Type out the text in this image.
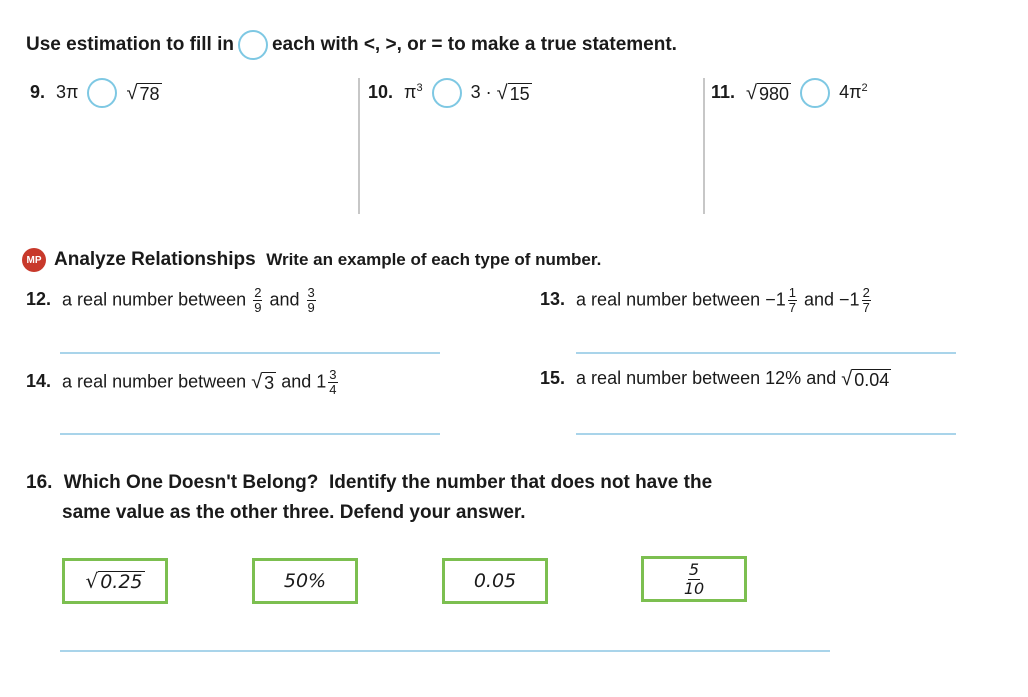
Use estimation to fill in each with <, >, or = to make a true statement.
9. 3π √ 78	10. $\pi^3$	3 · √ 15	11. √ 980	$4\pi^2$
MP Analyze Relationships Write an example of each type of number.
12. a real number between $\frac{2}{9}$ and $\frac{3}{9}$	13. a real number between $-1 \frac{1}{7}$ and $-1 \frac{2}{7}$
14. a real number between √ 3 and $1 \frac{3}{4}$	15. a real number between 12% and √ 0.04
16. Which One Doesn't Belong? Identify the number that does not have the
same value as the other three. Defend your answer.
√ 0.25	50%	0.05	$\frac{5}{10}$
